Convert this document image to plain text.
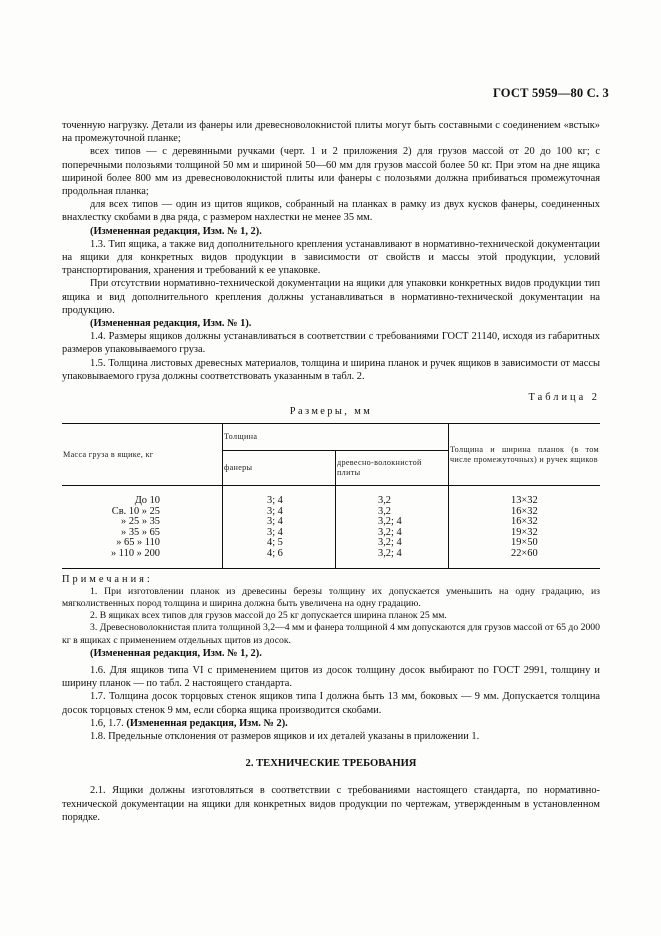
ГОСТ 5959—80 С. 3

точенную нагрузку. Детали из фанеры или древесноволокнистой плиты могут быть составными с соединением «встык» на промежуточной планке;

всех типов — с деревянными ручками (черт. 1 и 2 приложения 2) для грузов массой от 20 до 100 кг; с поперечными полозьями толщиной 50 мм и шириной 50—60 мм для грузов массой более 50 кг. При этом на дне ящика шириной более 800 мм из древесноволокнистой плиты или фанеры с полозьями должна прибиваться промежуточная продольная планка;

для всех типов — один из щитов ящиков, собранный на планках в рамку из двух кусков фанеры, соединенных внахлестку скобами в два ряда, с размером нахлестки не менее 35 мм.

(Измененная редакция, Изм. № 1, 2).

1.3. Тип ящика, а также вид дополнительного крепления устанавливают в нормативно-технической документации на ящики для конкретных видов продукции в зависимости от свойств и массы этой продукции, условий транспортирования, хранения и требований к ее упаковке.

При отсутствии нормативно-технической документации на ящики для упаковки конкретных видов продукции тип ящика и вид дополнительного крепления должны устанавливаться в нормативно-технической документации на продукцию.

(Измененная редакция, Изм. № 1).

1.4. Размеры ящиков должны устанавливаться в соответствии с требованиями ГОСТ 21140, исходя из габаритных размеров упаковываемого груза.

1.5. Толщина листовых древесных материалов, толщина и ширина планок и ручек ящиков в зависимости от массы упаковываемого груза должны соответствовать указанным в табл. 2.

Таблица 2

Размеры, мм

Масса груза в ящике, кг	Толщина		Толщина и ширина планок (в том числе промежуточных) и ручек ящиков
	фанеры	древесно-волокнистой плиты	
До 10	3; 4	3,2	13×32
Св. 10 » 25	3; 4	3,2	16×32
» 25 » 35	3; 4	3,2; 4	16×32
» 35 » 65	3; 4	3,2; 4	19×32
» 65 » 110	4; 5	3,2; 4	19×50
» 110 » 200	4; 6	3,2; 4	22×60

Примечания:

1. При изготовлении планок из древесины березы толщину их допускается уменьшить на одну градацию, из мягколиственных пород толщина и ширина должна быть увеличена на одну градацию.

2. В ящиках всех типов для грузов массой до 25 кг допускается ширина планок 25 мм.

3. Древесноволокнистая плита толщиной 3,2—4 мм и фанера толщиной 4 мм допускаются для грузов массой от 65 до 2000 кг в ящиках с применением отдельных щитов из досок.

(Измененная редакция, Изм. № 1, 2).

1.6. Для ящиков типа VI с применением щитов из досок толщину досок выбирают по ГОСТ 2991, толщину и ширину планок — по табл. 2 настоящего стандарта.

1.7. Толщина досок торцовых стенок ящиков типа I должна быть 13 мм, боковых — 9 мм. Допускается толщина досок торцовых стенок 9 мм, если сборка ящика производится скобами.

1.6, 1.7. (Измененная редакция, Изм. № 2).

1.8. Предельные отклонения от размеров ящиков и их деталей указаны в приложении 1.

2. ТЕХНИЧЕСКИЕ ТРЕБОВАНИЯ

2.1. Ящики должны изготовляться в соответствии с требованиями настоящего стандарта, по нормативно-технической документации на ящики для конкретных видов продукции по чертежам, утвержденным в установленном порядке.
